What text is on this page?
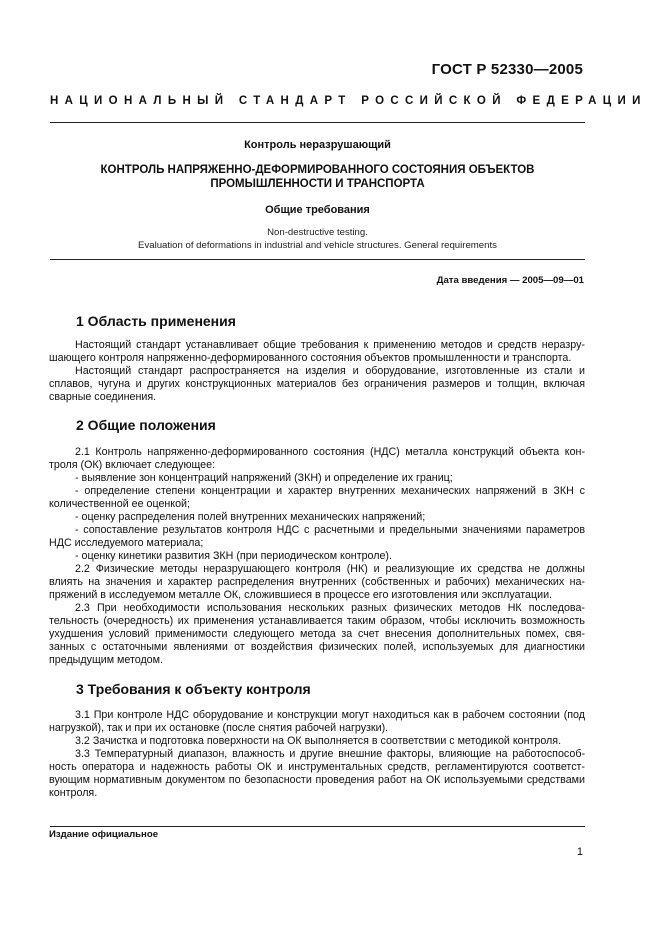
ГОСТ Р 52330—2005
НАЦИОНАЛЬНЫЙ СТАНДАРТ РОССИЙСКОЙ ФЕДЕРАЦИИ
Контроль неразрушающий
КОНТРОЛЬ НАПРЯЖЕННО-ДЕФОРМИРОВАННОГО СОСТОЯНИЯ ОБЪЕКТОВ
ПРОМЫШЛЕННОСТИ И ТРАНСПОРТА
Общие требования
Non-destructive testing.
Evaluation of deformations in industrial and vehicle structures. General requirements
Дата введения — 2005—09—01
1 Область применения
Настоящий стандарт устанавливает общие требования к применению методов и средств неразру-шающего контроля напряженно-деформированного состояния объектов промышленности и транспорта.
Настоящий стандарт распространяется на изделия и оборудование, изготовленные из стали и сплавов, чугуна и других конструкционных материалов без ограничения размеров и толщин, включая сварные соединения.
2 Общие положения
2.1 Контроль напряженно-деформированного состояния (НДС) металла конструкций объекта кон-троля (ОК) включает следующее:
- выявление зон концентраций напряжений (ЗКН) и определение их границ;
- определение степени концентрации и характер внутренних механических напряжений в ЗКН с количественной ее оценкой;
- оценку распределения полей внутренних механических напряжений;
- сопоставление результатов контроля НДС с расчетными и предельными значениями параметров НДС исследуемого материала;
- оценку кинетики развития ЗКН (при периодическом контроле).
2.2 Физические методы неразрушающего контроля (НК) и реализующие их средства не должны влиять на значения и характер распределения внутренних (собственных и рабочих) механических на-пряжений в исследуемом металле ОК, сложившиеся в процессе его изготовления или эксплуатации.
2.3 При необходимости использования нескольких разных физических методов НК последова-тельность (очередность) их применения устанавливается таким образом, чтобы исключить возможность ухудшения условий применимости следующего метода за счет внесения дополнительных помех, свя-занных с остаточными явлениями от воздействия физических полей, используемых для диагностики предыдущим методом.
3 Требования к объекту контроля
3.1 При контроле НДС оборудование и конструкции могут находиться как в рабочем состоянии (под нагрузкой), так и при их остановке (после снятия рабочей нагрузки).
3.2 Зачистка и подготовка поверхности на ОК выполняется в соответствии с методикой контроля.
3.3 Температурный диапазон, влажность и другие внешние факторы, влияющие на работоспособ-ность оператора и надежность работы ОК и инструментальных средств, регламентируются соответст-вующим нормативным документом по безопасности проведения работ на ОК используемыми средствами контроля.
Издание официальное
1
